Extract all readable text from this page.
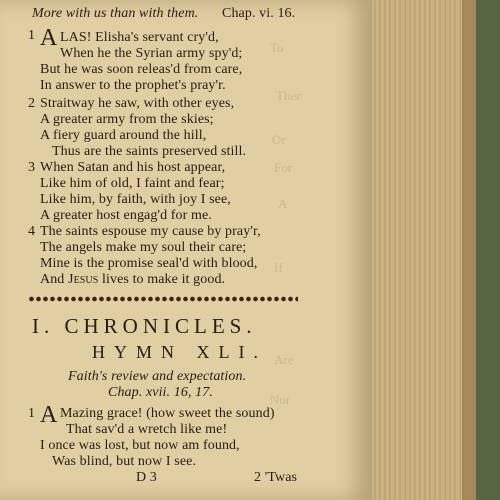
To
Ther
Or
For
A
If
Are
Nor
More with us than with them. Chap. vi. 16.
1 A LAS! Elisha's servant cry'd,
When he the Syrian army spy'd;
But he was soon releas'd from care,
In answer to the prophet's pray'r.
2 Straitway he saw, with other eyes,
A greater army from the skies;
A fiery guard around the hill,
Thus are the saints preserved still.
3 When Satan and his host appear,
Like him of old, I faint and fear;
Like him, by faith, with joy I see,
A greater host engag'd for me.
4 The saints espouse my cause by pray'r,
The angels make my soul their care;
Mine is the promise seal'd with blood,
And Jesus lives to make it good.
I. CHRONICLES.
HYMN XLI.
Faith's review and expectation.
Chap. xvii. 16, 17.
1 A Mazing grace! (how sweet the sound)
That sav'd a wretch like me!
I once was lost, but now am found,
Was blind, but now I see.
D 3	2 'Twas
